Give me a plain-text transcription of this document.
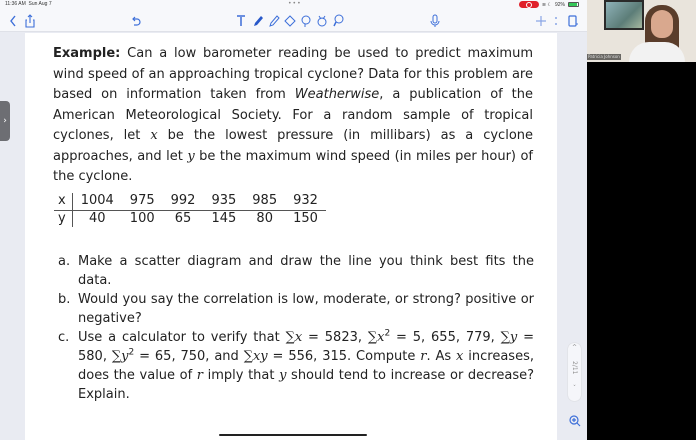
11:36 AM Sun Aug 7	•••	≋ ☾ 92%
›
Example: Can a low barometer reading be used to predict maximum wind speed of an approaching tropical cyclone? Data for this problem are based on information taken from Weatherwise, a publication of the American Meteorological Society. For a random sample of tropical cyclones, let x be the lowest pressure (in millibars) as a cyclone approaches, and let y be the maximum wind speed (in miles per hour) of the cyclone.
x	1004	975	992	935	985	932
y	40	100	65	145	80	150
a. Make a scatter diagram and draw the line you think best fits the data.
b. Would you say the correlation is low, moderate, or strong? positive or negative?
c. Use a calculator to verify that ∑x = 5823, $\sum x^2 = 5$, 655, 779, ∑y = 580, $\sum y^2 = 65$, 750, and ∑xy = 556, 315. Compute r. As x increases, does the value of r imply that y should tend to increase or decrease? Explain.
^
2/11
ˇ
Patricia Johnson
